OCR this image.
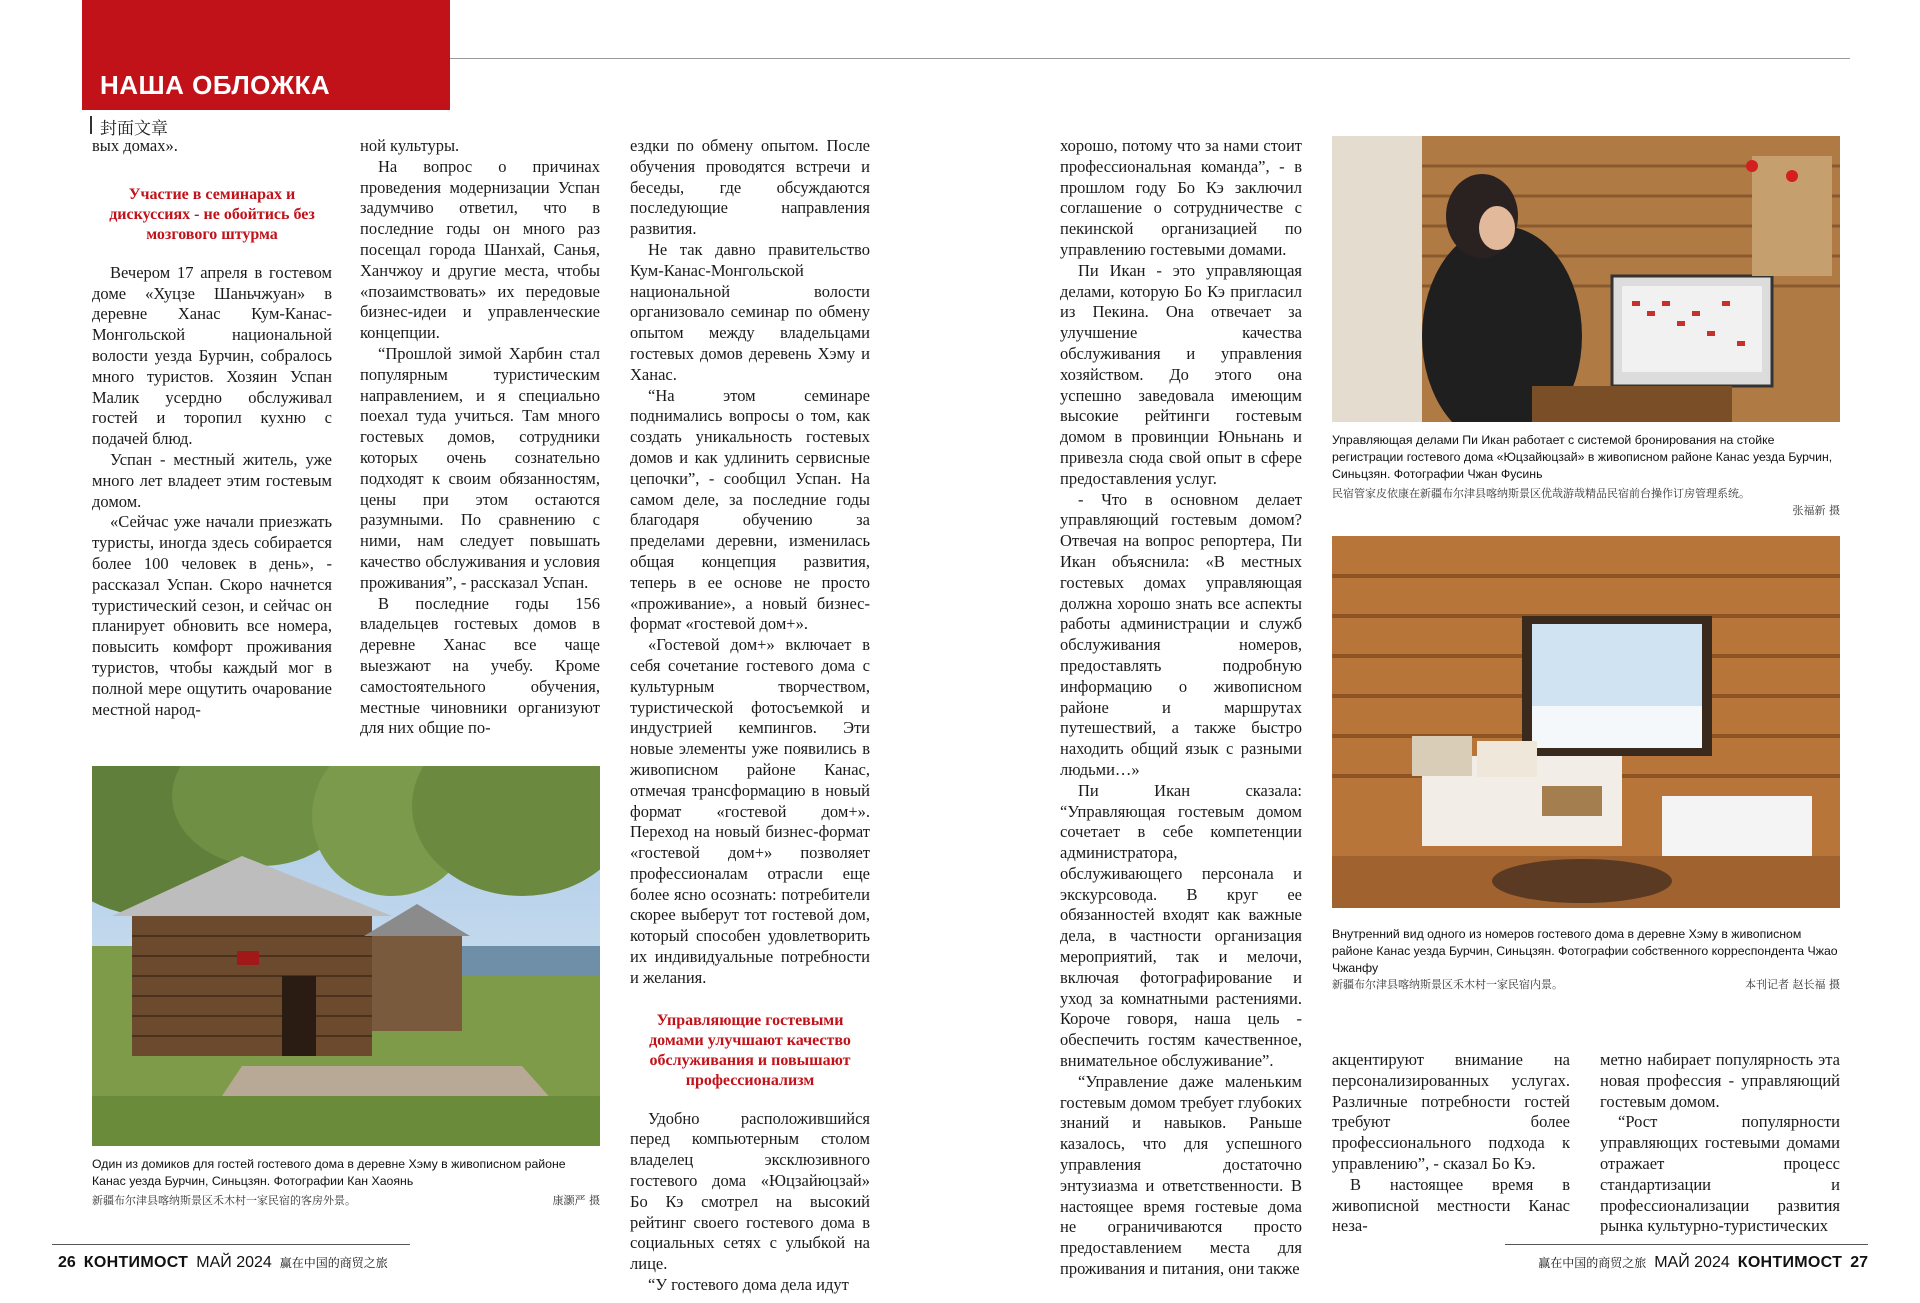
НАША ОБЛОЖКА
封面文章

вых домах».

Участие в семинарах и дискуссиях - не обойтись без мозгового штурма

Вечером 17 апреля в гостевом доме «Хуцзе Шаньчжуан» в деревне Ханас Кум-Канас-Монгольской национальной волости уезда Бурчин, собралось много туристов. Хозяин Успан Малик усердно обслуживал гостей и торопил кухню с подачей блюд.

Успан - местный житель, уже много лет владеет этим гостевым домом.

«Сейчас уже начали приезжать туристы, иногда здесь собирается более 100 человек в день», - рассказал Успан. Скоро начнется туристический сезон, и сейчас он планирует обновить все номера, повысить комфорт проживания туристов, чтобы каждый мог в полной мере ощутить очарование местной народ-

ной культуры.

На вопрос о причинах проведения модернизации Успан задумчиво ответил, что в последние годы он много раз посещал города Шанхай, Санья, Ханчжоу и другие места, чтобы «позаимствовать» их передовые бизнес-идеи и управленческие концепции.

“Прошлой зимой Харбин стал популярным туристическим направлением, и я специально поехал туда учиться. Там много гостевых домов, сотрудники которых очень сознательно подходят к своим обязанностям, цены при этом остаются разумными. По сравнению с ними, нам следует повышать качество обслуживания и условия проживания”, - рассказал Успан.

В последние годы 156 владельцев гостевых домов в деревне Ханас все чаще выезжают на учебу. Кроме самостоятельного обучения, местные чиновники организуют для них общие по-

ездки по обмену опытом. После обучения проводятся встречи и беседы, где обсуждаются последующие направления развития.

Не так давно правительство Кум-Канас-Монгольской национальной волости организовало семинар по обмену опытом между владельцами гостевых домов деревень Хэму и Ханас.

“На этом семинаре поднимались вопросы о том, как создать уникальность гостевых домов и как удлинить сервисные цепочки”, - сообщил Успан. На самом деле, за последние годы благодаря обучению за пределами деревни, изменилась общая концепция развития, теперь в ее основе не просто «проживание», а новый бизнес-формат «гостевой дом+».

«Гостевой дом+» включает в себя сочетание гостевого дома с культурным творчеством, туристической фотосъемкой и индустрией кемпингов. Эти новые элементы уже появились в живописном районе Канас, отмечая трансформацию в новый формат «гостевой дом+». Переход на новый бизнес-формат «гостевой дом+» позволяет профессионалам отрасли еще более ясно осознать: потребители скорее выберут тот гостевой дом, который способен удовлетворить их индивидуальные потребности и желания.

Управляющие гостевыми домами улучшают качество обслуживания и повышают профессионализм

Удобно расположившийся перед компьютерным столом владелец эксклюзивного гостевого дома «Юцзайюцзай» Бо Кэ смотрел на высокий рейтинг своего гостевого дома в социальных сетях с улыбкой на лице.

“У гостевого дома дела идут

Один из домиков для гостей гостевого дома в деревне Хэму в живописном районе Канас уезда Бурчин, Синьцзян. Фотографии Кан Хаоянь
新疆布尔津县喀纳斯景区禾木村一家民宿的客房外景。	康灏严 摄

хорошо, потому что за нами стоит профессиональная команда”, - в прошлом году Бо Кэ заключил соглашение о сотрудничестве с пекинской организацией по управлению гостевыми домами.

Пи Икан - это управляющая делами, которую Бо Кэ пригласил из Пекина. Она отвечает за улучшение качества обслуживания и управления хозяйством. До этого она успешно заведовала имеющим высокие рейтинги гостевым домом в провинции Юньнань и привезла сюда свой опыт в сфере предоставления услуг.

- Что в основном делает управляющий гостевым домом? Отвечая на вопрос репортера, Пи Икан объяснила: «В местных гостевых домах управляющая должна хорошо знать все аспекты работы администрации и служб обслуживания номеров, предоставлять подробную информацию о живописном районе и маршрутах путешествий, а также быстро находить общий язык с разными людьми…»

Пи Икан сказала: “Управляющая гостевым домом сочетает в себе компетенции администратора, обслуживающего персонала и экскурсовода. В круг ее обязанностей входят как важные дела, в частности организация мероприятий, так и мелочи, включая фотографирование и уход за комнатными растениями. Короче говоря, наша цель - обеспечить гостям качественное, внимательное обслуживание”.

“Управление даже маленьким гостевым домом требует глубоких знаний и навыков. Раньше казалось, что для успешного управления достаточно энтузиазма и ответственности. В настоящее время гостевые дома не ограничиваются просто предоставлением места для проживания и питания, они также

Управляющая делами Пи Икан работает с системой бронирования на стойке регистрации гостевого дома «Юцзайюцзай» в живописном районе Канас уезда Бурчин, Синьцзян. Фотографии Чжан Фусинь
民宿管家皮依康在新疆布尔津县喀纳斯景区优哉游哉精品民宿前台操作订房管理系统。
张福新 摄
Внутренний вид одного из номеров гостевого дома в деревне Хэму в живописном районе Канас уезда Бурчин, Синьцзян. Фотографии собственного корреспондента Чжао Чжанфу
新疆布尔津县喀纳斯景区禾木村一家民宿内景。	本刊记者 赵长福 摄

акцентируют внимание на персонализированных услугах. Различные потребности гостей требуют более профессионального подхода к управлению”, - сказал Бо Кэ.

В настоящее время в живописной местности Канас неза-

метно набирает популярность эта новая профессия - управляющий гостевым домом.

“Рост популярности управляющих гостевыми домами отражает процесс стандартизации и профессионализации развития рынка культурно-туристических

26 КОНТИМОСТ МАЙ 2024 赢在中国的商贸之旅	赢在中国的商贸之旅 МАЙ 2024 КОНТИМОСТ 27
